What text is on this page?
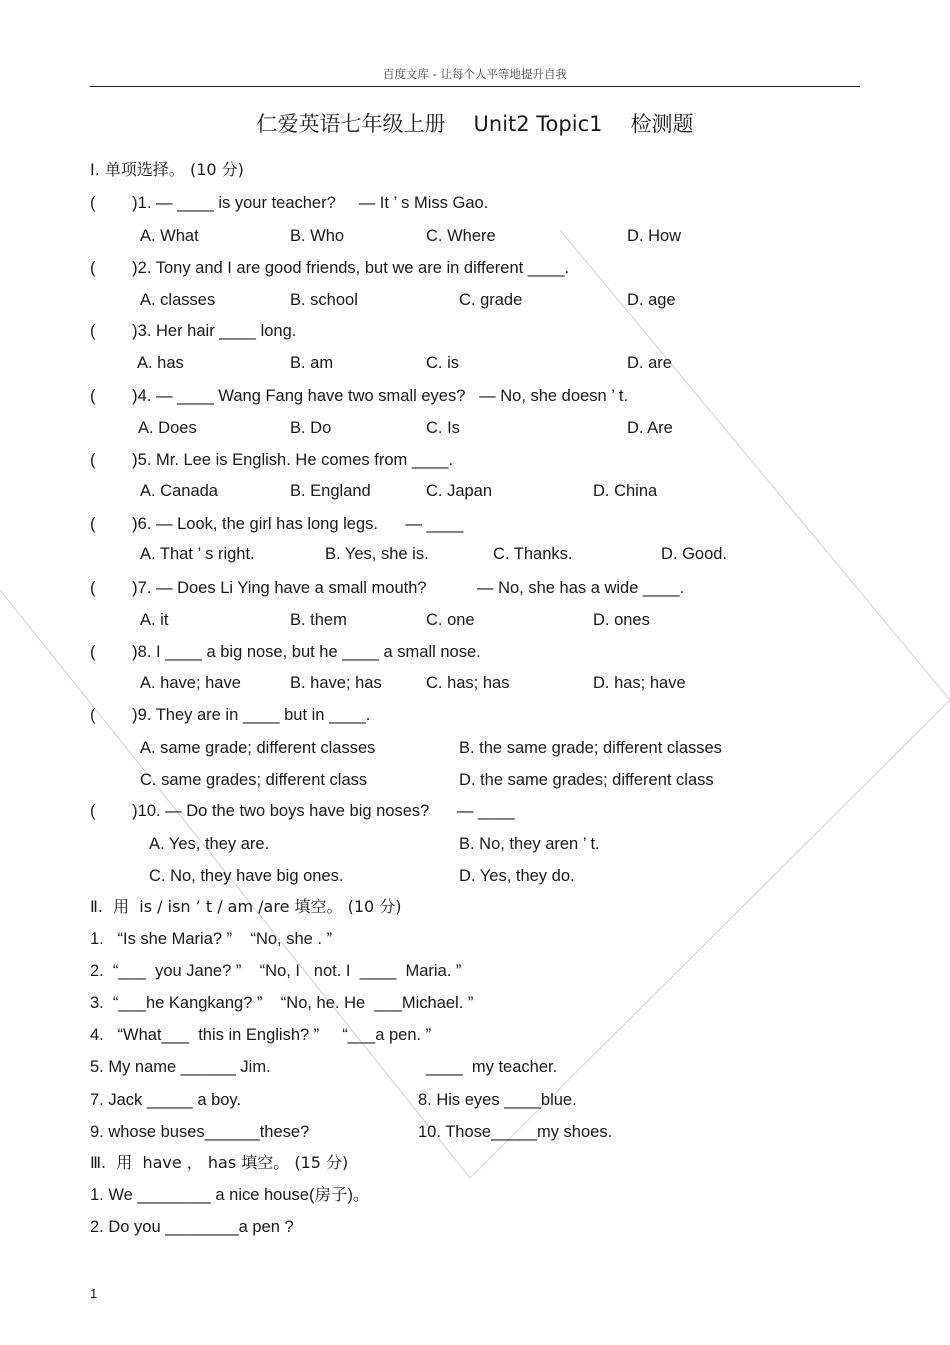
百度文库 - 让每个人平等地提升自我
仁爱英语七年级上册 Unit2 Topic1 检测题
Ⅰ. 单项选择。 (10 分)
(        )1. — ____ is your teacher?     — It ’ s Miss Gao.
A. What	B. Who	C. Where	D. How
(        )2. Tony and I are good friends, but we are in different ____.
A. classes	B. school	C. grade	D. age
(        )3. Her hair ____ long.
A. has	B. am	C. is	D. are
(        )4. — ____ Wang Fang have two small eyes?   — No, she doesn ’ t.
A. Does	B. Do	C. Is	D. Are
(        )5. Mr. Lee is English. He comes from ____.
A. Canada	B. England	C. Japan	D. China
(        )6. — Look, the girl has long legs.      — ____
A. That ’ s right.	B. Yes, she is.	C. Thanks.	D. Good.
(        )7. — Does Li Ying have a small mouth?           — No, she has a wide ____.
A. it	B. them	C. one	D. ones
(        )8. I ____ a big nose, but he ____ a small nose.
A. have; have	B. have; has	C. has; has	D. has; have
(        )9. They are in ____ but in ____.
A. same grade; different classes	B. the same grade; different classes
C. same grades; different class	D. the same grades; different class
(        )10. — Do the two boys have big noses?      — ____
A. Yes, they are.	B. No, they aren ’ t.
C. No, they have big ones.	D. Yes, they do.
Ⅱ.  用  is / isn ’ t / am /are 填空。 (10 分)
1.   “Is she Maria? ”    “No, she . ”
2.  “___  you Jane? ”    “No, I   not. I  ____  Maria. ”
3.  “___he Kangkang? ”    “No, he. He  ___Michael. ”
4.   “What___  this in English? ”     “___a pen. ”
5. My name ______ Jim.	____  my teacher.
7. Jack _____ a boy.	8. His eyes ____blue.
9. whose buses______these?	10. Those_____my shoes.
Ⅲ.  用  have ， has 填空。 (15 分)
1. We ________ a nice house(房子)。
2. Do you ________a pen ?
1
